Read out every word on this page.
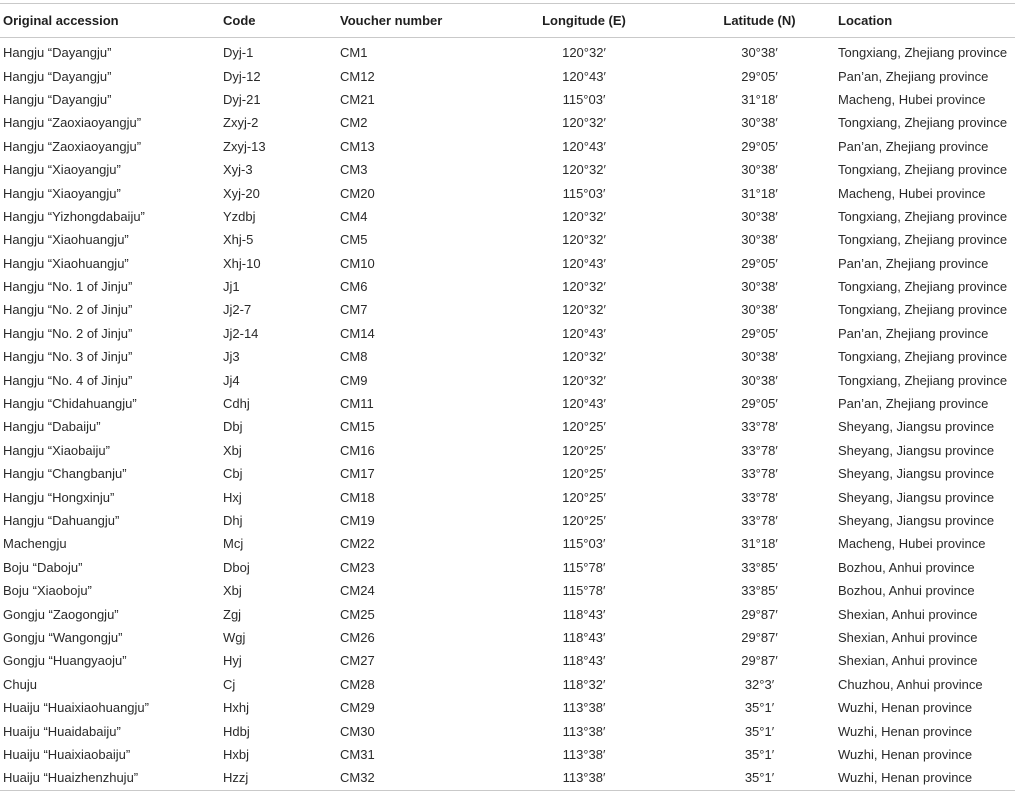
Original accession	Code	Voucher number	Longitude (E)	Latitude (N)	Location
Hangju “Dayangju”	Dyj-1	CM1	120°32′	30°38′	Tongxiang, Zhejiang province
Hangju “Dayangju”	Dyj-12	CM12	120°43′	29°05′	Pan’an, Zhejiang province
Hangju “Dayangju”	Dyj-21	CM21	115°03′	31°18′	Macheng, Hubei province
Hangju “Zaoxiaoyangju”	Zxyj-2	CM2	120°32′	30°38′	Tongxiang, Zhejiang province
Hangju “Zaoxiaoyangju”	Zxyj-13	CM13	120°43′	29°05′	Pan’an, Zhejiang province
Hangju “Xiaoyangju”	Xyj-3	CM3	120°32′	30°38′	Tongxiang, Zhejiang province
Hangju “Xiaoyangju”	Xyj-20	CM20	115°03′	31°18′	Macheng, Hubei province
Hangju “Yizhongdabaiju”	Yzdbj	CM4	120°32′	30°38′	Tongxiang, Zhejiang province
Hangju “Xiaohuangju”	Xhj-5	CM5	120°32′	30°38′	Tongxiang, Zhejiang province
Hangju “Xiaohuangju”	Xhj-10	CM10	120°43′	29°05′	Pan’an, Zhejiang province
Hangju “No. 1 of Jinju”	Jj1	CM6	120°32′	30°38′	Tongxiang, Zhejiang province
Hangju “No. 2 of Jinju”	Jj2-7	CM7	120°32′	30°38′	Tongxiang, Zhejiang province
Hangju “No. 2 of Jinju”	Jj2-14	CM14	120°43′	29°05′	Pan’an, Zhejiang province
Hangju “No. 3 of Jinju”	Jj3	CM8	120°32′	30°38′	Tongxiang, Zhejiang province
Hangju “No. 4 of Jinju”	Jj4	CM9	120°32′	30°38′	Tongxiang, Zhejiang province
Hangju “Chidahuangju”	Cdhj	CM11	120°43′	29°05′	Pan’an, Zhejiang province
Hangju “Dabaiju”	Dbj	CM15	120°25′	33°78′	Sheyang, Jiangsu province
Hangju “Xiaobaiju”	Xbj	CM16	120°25′	33°78′	Sheyang, Jiangsu province
Hangju “Changbanju”	Cbj	CM17	120°25′	33°78′	Sheyang, Jiangsu province
Hangju “Hongxinju”	Hxj	CM18	120°25′	33°78′	Sheyang, Jiangsu province
Hangju “Dahuangju”	Dhj	CM19	120°25′	33°78′	Sheyang, Jiangsu province
Machengju	Mcj	CM22	115°03′	31°18′	Macheng, Hubei province
Boju “Daboju”	Dboj	CM23	115°78′	33°85′	Bozhou, Anhui province
Boju “Xiaoboju”	Xbj	CM24	115°78′	33°85′	Bozhou, Anhui province
Gongju “Zaogongju”	Zgj	CM25	118°43′	29°87′	Shexian, Anhui province
Gongju “Wangongju”	Wgj	CM26	118°43′	29°87′	Shexian, Anhui province
Gongju “Huangyaoju”	Hyj	CM27	118°43′	29°87′	Shexian, Anhui province
Chuju	Cj	CM28	118°32′	32°3′	Chuzhou, Anhui province
Huaiju “Huaixiaohuangju”	Hxhj	CM29	113°38′	35°1′	Wuzhi, Henan province
Huaiju “Huaidabaiju”	Hdbj	CM30	113°38′	35°1′	Wuzhi, Henan province
Huaiju “Huaixiaobaiju”	Hxbj	CM31	113°38′	35°1′	Wuzhi, Henan province
Huaiju “Huaizhenzhuju”	Hzzj	CM32	113°38′	35°1′	Wuzhi, Henan province
